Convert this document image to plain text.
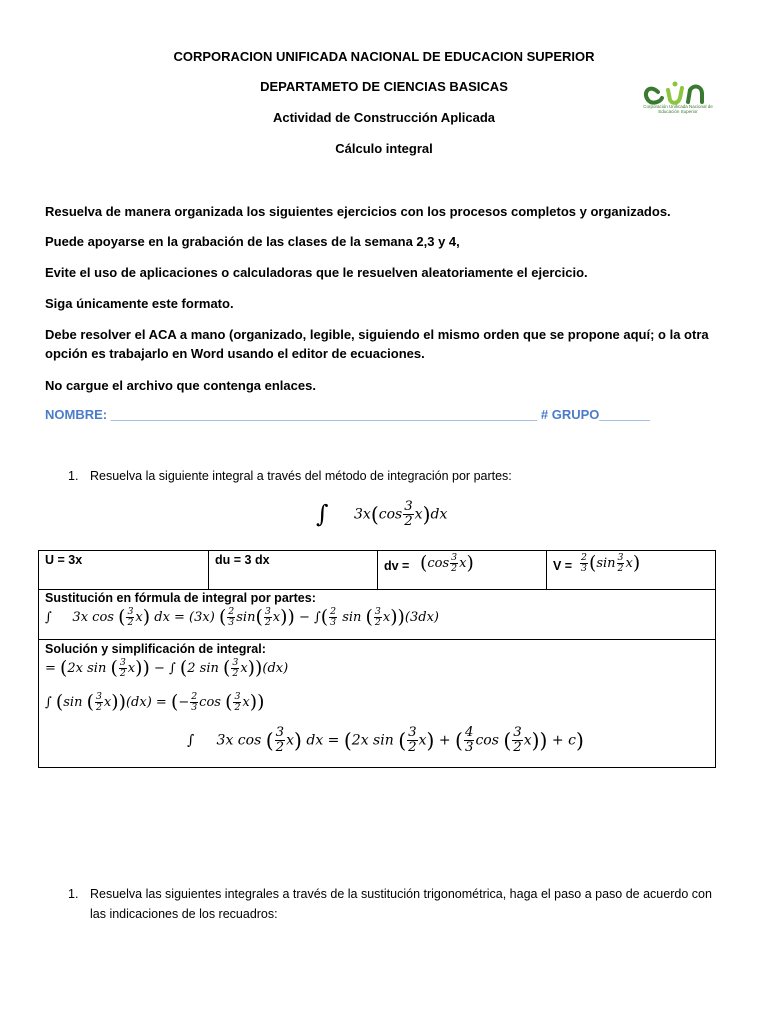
CORPORACION UNIFICADA NACIONAL DE EDUCACION SUPERIOR
DEPARTAMETO DE CIENCIAS BASICAS
Actividad de Construcción Aplicada
Cálculo integral
Corporación Unificada Nacional de Educación Superior
Resuelva de manera organizada los siguientes ejercicios con los procesos completos y organizados.
Puede apoyarse en la grabación de las clases de la semana 2,3 y 4,
Evite el uso de aplicaciones o calculadoras que le resuelven aleatoriamente el ejercicio.
Siga únicamente este formato.
Debe resolver el ACA a mano (organizado, legible, siguiendo el mismo orden que se propone aquí; o la otra opción es trabajarlo en Word usando el editor de ecuaciones.
No cargue el archivo que contenga enlaces.
NOMBRE: ___________________________________________________________ # GRUPO_______
1. Resuelva la siguiente integral a través del método de integración por partes:
∫ $3x(\cos \frac{3}{2} x)dx$
U = 3x	du = 3 dx	dv = $(\cos \frac{3}{2} x)$	$V = \frac{2}{3} (\sin \frac{3}{2} x)$
Sustitución en fórmula de integral por partes:
∫     3x cos ( $\frac{3}{2} x$) dx = (3x) ( $\frac{2}{3} \sin( \frac{3}{2} x)$) − ∫( $\frac{2}{3}$ sin ( $\frac{3}{2} x))(3dx)$
Solución y simplificación de integral:
= (2x sin ( $\frac{3}{2} x$)) − ∫ (2 sin ( $\frac{3}{2} x))(dx)$
∫ (sin ( $\frac{3}{2} x))(dx)$ = (− $\frac{2}{3}$ cos ( $\frac{3}{2} x$))
∫     3x cos ( $\frac{3}{2} x$) dx = (2x sin ( $\frac{3}{2} x$) + ( $\frac{4}{3}$ cos ( $\frac{3}{2} x)) + c$)
1. Resuelva las siguientes integrales a través de la sustitución trigonométrica, haga el paso a paso de acuerdo con las indicaciones de los recuadros:
